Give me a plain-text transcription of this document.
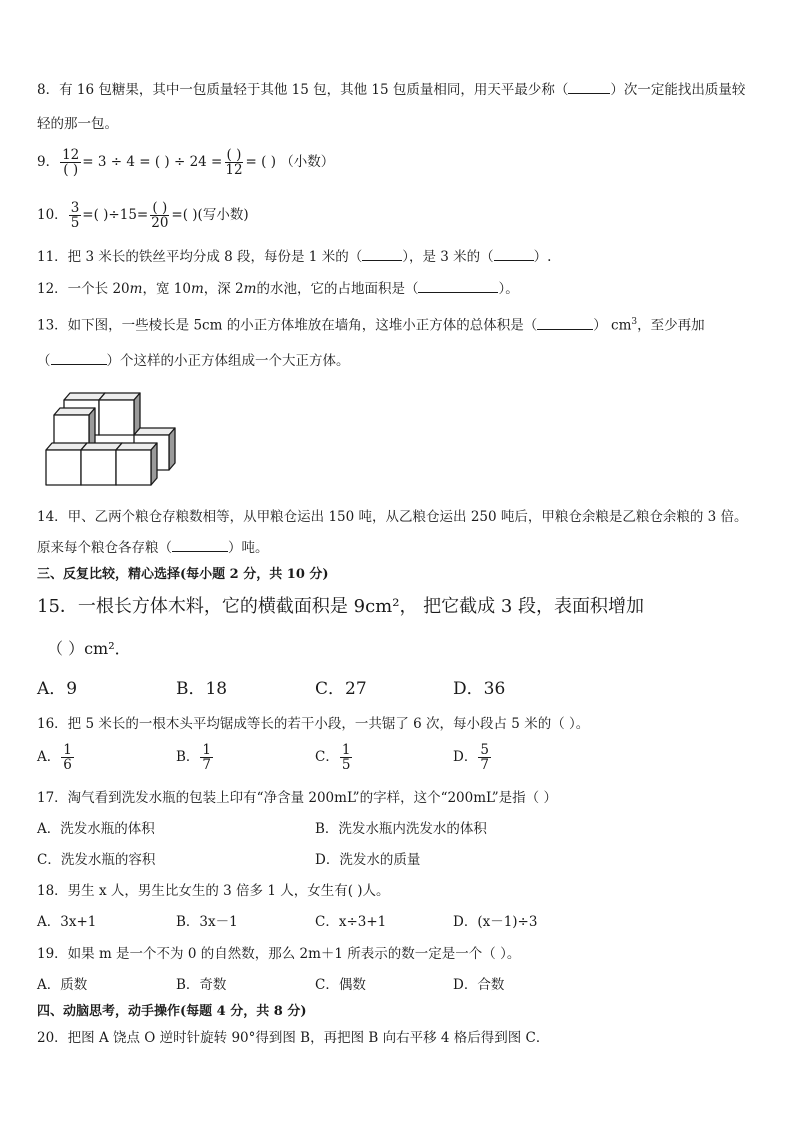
8．有 16 包糖果，其中一包质量轻于其他 15 包，其他 15 包质量相同，用天平最少称（	）次一定能找出质量较
轻的那一包。
9． $\frac{12}{( )} = 3 \div 4$ = ( ) ÷ $24 = \frac{( )}{12}$ = ( ) （小数）
10． $\frac{3}{5}$ =( )$\div 15= \frac{( )}{20}$ =( )(写小数)
11．把 3 米长的铁丝平均分成 8 段，每份是 1 米的（	），是 3 米的（	）.
12．一个长 20m，宽 10m，深 2m的水池，它的占地面积是（	）。
13．如下图，一些棱长是 5cm 的小正方体堆放在墙角，这堆小正方体的总体积是（	） $cm^3$，至少再加
（	）个这样的小正方体组成一个大正方体。
14．甲、乙两个粮仓存粮数相等，从甲粮仓运出 150 吨，从乙粮仓运出 250 吨后，甲粮仓余粮是乙粮仓余粮的 3 倍。
原来每个粮仓各存粮（	）吨。
三、反复比较，精心选择(每小题 2 分，共 10 分)
15．一根长方体木料，它的横截面积是 9cm²， 把它截成 3 段，表面积增加
（ ）cm²．
A．9	B．18	C．27	D．36
16．把 5 米长的一根木头平均锯成等长的若干小段，一共锯了 6 次，每小段占 5 米的（ ）。
A． $\frac{1}{6}$	B． $\frac{1}{7}$	C． $\frac{1}{5}$	D． $\frac{5}{7}$
17．淘气看到洗发水瓶的包装上印有“净含量 200mL”的字样，这个“200mL”是指（ ）
A．洗发水瓶的体积	B．洗发水瓶内洗发水的体积
C．洗发水瓶的容积	D．洗发水的质量
18．男生 x 人，男生比女生的 3 倍多 1 人，女生有( )人。
A．3x+1	B．3x－1	C．x÷3+1	D．(x－1)÷3
19．如果 m 是一个不为 0 的自然数，那么 2m＋1 所表示的数一定是一个（ ）。
A．质数	B．奇数	C．偶数	D．合数
四、动脑思考，动手操作(每题 4 分，共 8 分)
20．把图 A 饶点 O 逆时针旋转 90°得到图 B，再把图 B 向右平移 4 格后得到图 C．
